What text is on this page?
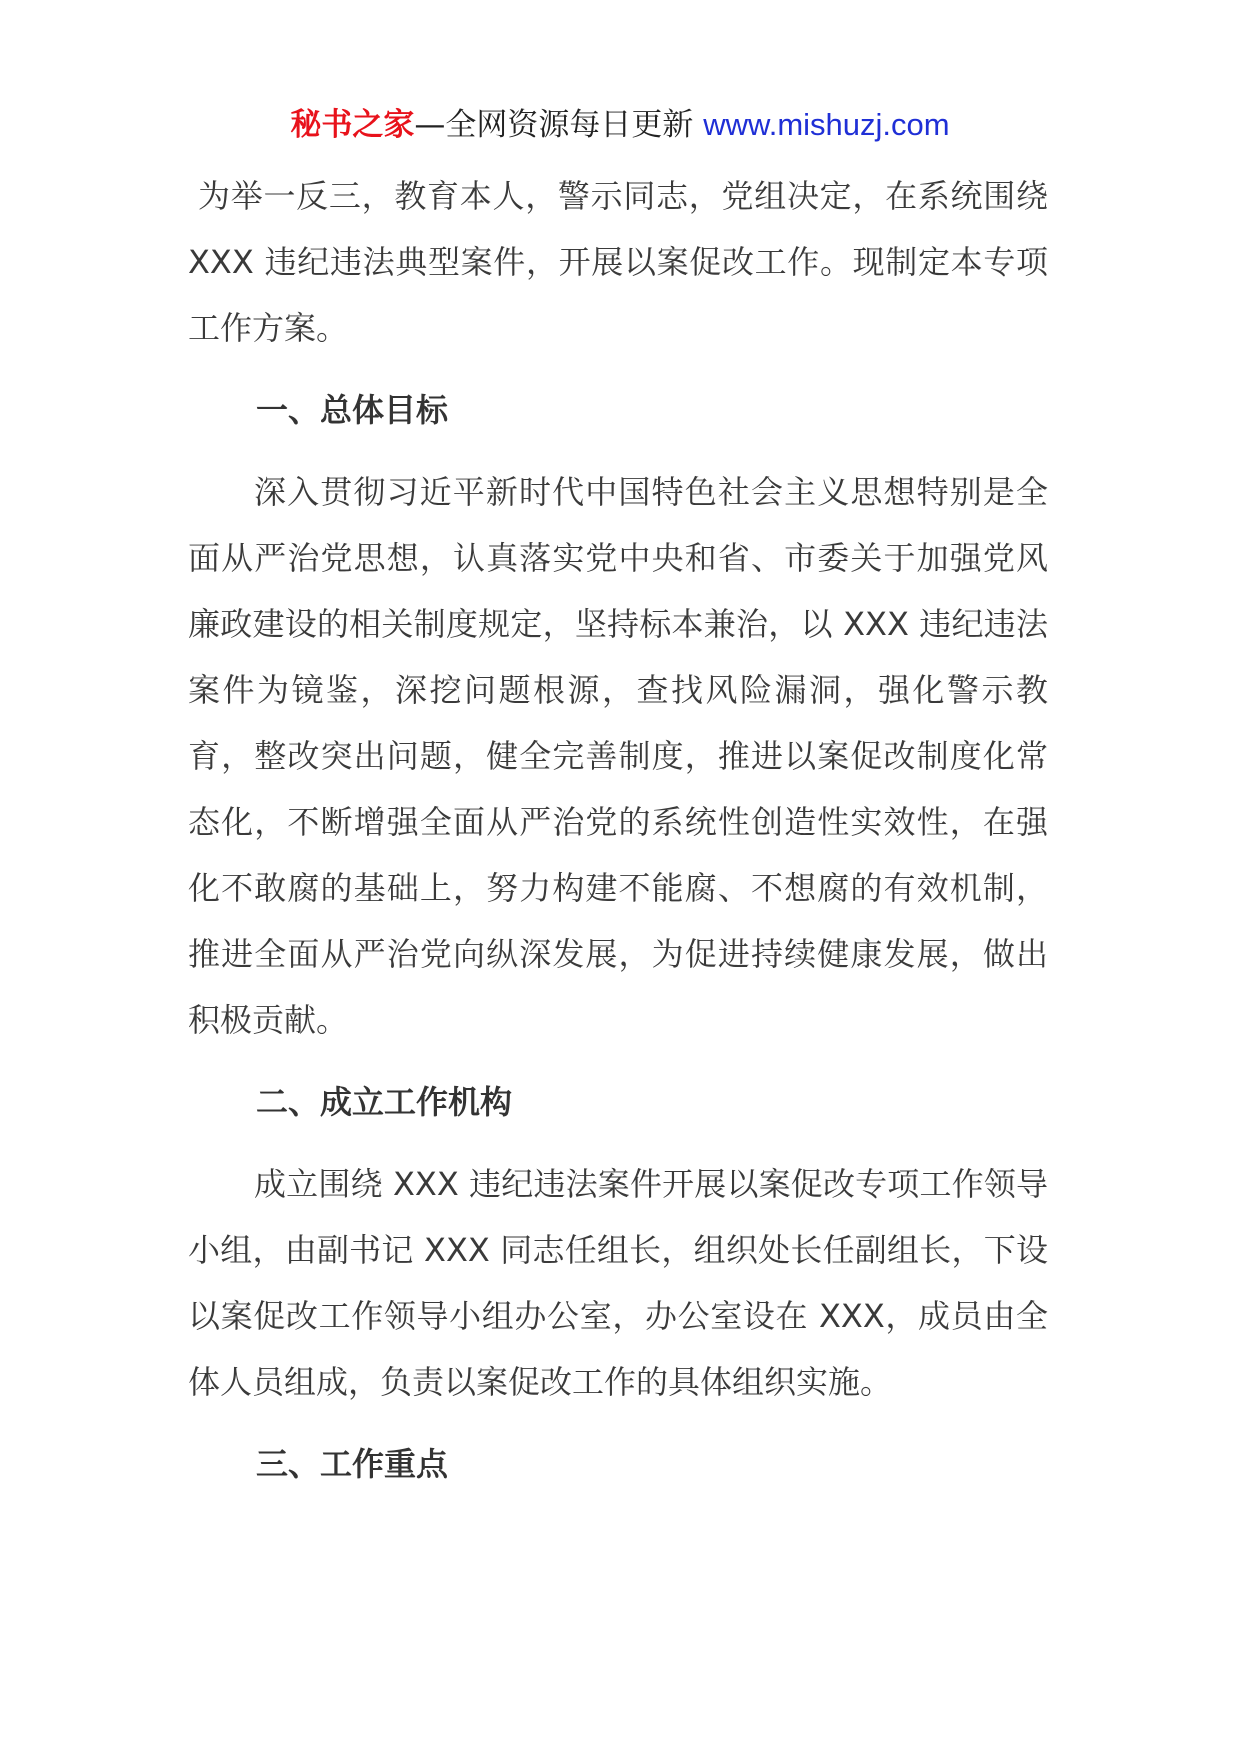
秘书之家—全网资源每日更新 www.mishuzj.com

为举一反三，教育本人，警示同志，党组决定，在系统围绕 XXX 违纪违法典型案件，开展以案促改工作。现制定本专项工作方案。

一、总体目标

深入贯彻习近平新时代中国特色社会主义思想特别是全面从严治党思想，认真落实党中央和省、市委关于加强党风廉政建设的相关制度规定，坚持标本兼治，以 XXX 违纪违法案件为镜鉴，深挖问题根源，查找风险漏洞，强化警示教育，整改突出问题，健全完善制度，推进以案促改制度化常态化，不断增强全面从严治党的系统性创造性实效性，在强化不敢腐的基础上，努力构建不能腐、不想腐的有效机制，推进全面从严治党向纵深发展，为促进持续健康发展，做出积极贡献。

二、成立工作机构

成立围绕 XXX 违纪违法案件开展以案促改专项工作领导小组，由副书记 XXX 同志任组长，组织处长任副组长，下设以案促改工作领导小组办公室，办公室设在 XXX，成员由全体人员组成，负责以案促改工作的具体组织实施。

三、工作重点
